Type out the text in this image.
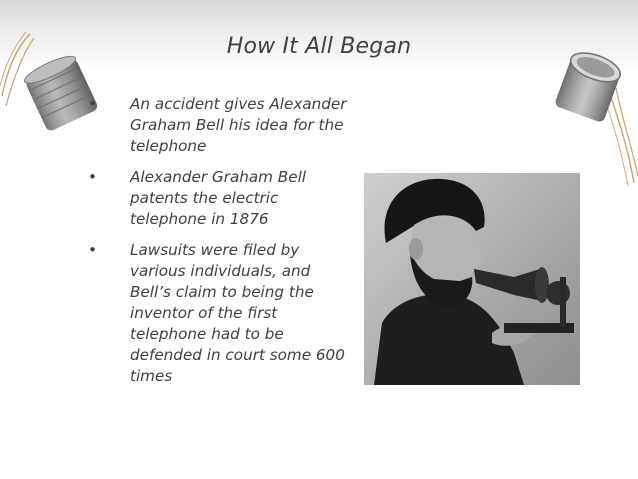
How It All Began
• An accident gives Alexander Graham Bell his idea for the telephone
• Alexander Graham Bell patents the electric telephone in 1876
• Lawsuits were filed by various individuals, and Bell’s claim to being the inventor of the first telephone had to be defended in court some 600 times
